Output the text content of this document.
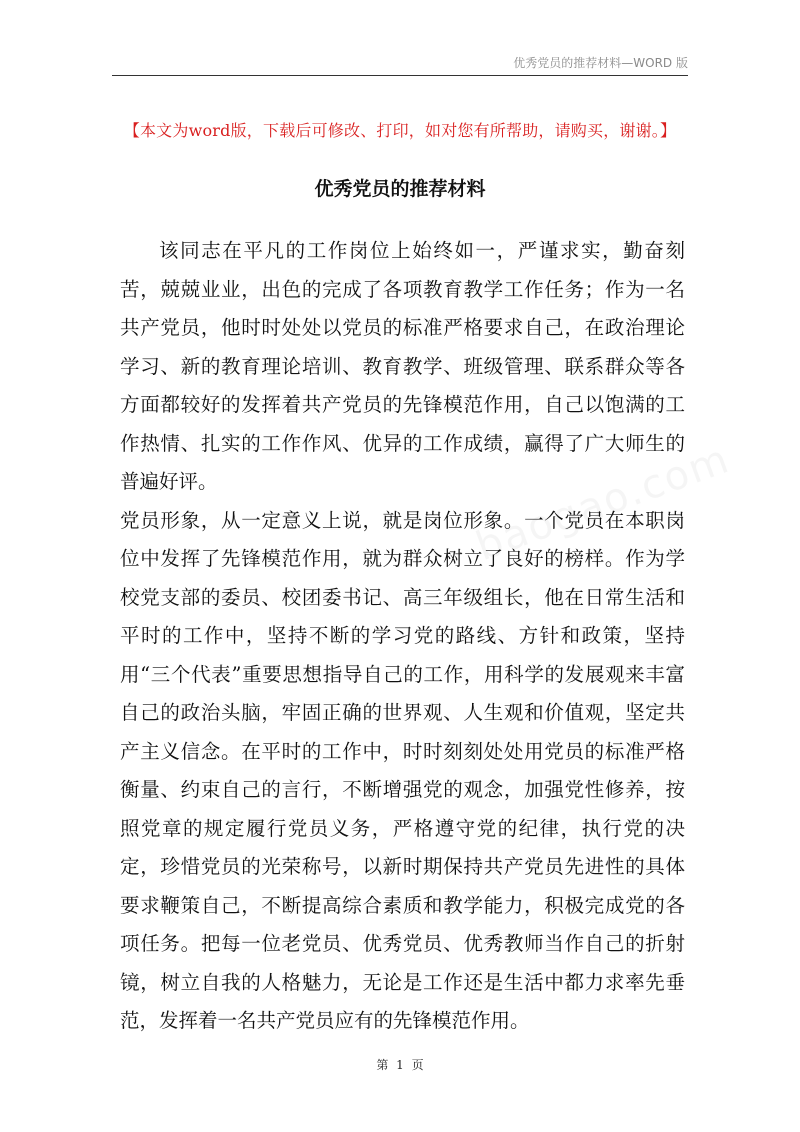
优秀党员的推荐材料—WORD 版
【本文为word版，下载后可修改、打印，如对您有所帮助，请购买，谢谢。】
优秀党员的推荐材料

该同志在平凡的工作岗位上始终如一，严谨求实，勤奋刻苦，兢兢业业，出色的完成了各项教育教学工作任务；作为一名共产党员，他时时处处以党员的标准严格要求自己，在政治理论学习、新的教育理论培训、教育教学、班级管理、联系群众等各方面都较好的发挥着共产党员的先锋模范作用，自己以饱满的工作热情、扎实的工作作风、优异的工作成绩，赢得了广大师生的普遍好评。

党员形象，从一定意义上说，就是岗位形象。一个党员在本职岗位中发挥了先锋模范作用，就为群众树立了良好的榜样。作为学校党支部的委员、校团委书记、高三年级组长，他在日常生活和平时的工作中，坚持不断的学习党的路线、方针和政策，坚持用“三个代表”重要思想指导自己的工作，用科学的发展观来丰富自己的政治头脑，牢固正确的世界观、人生观和价值观，坚定共产主义信念。在平时的工作中，时时刻刻处处用党员的标准严格衡量、约束自己的言行，不断增强党的观念，加强党性修养，按照党章的规定履行党员义务，严格遵守党的纪律，执行党的决定，珍惜党员的光荣称号，以新时期保持共产党员先进性的具体要求鞭策自己，不断提高综合素质和教学能力，积极完成党的各项任务。把每一位老党员、优秀党员、优秀教师当作自己的折射镜，树立自我的人格魅力，无论是工作还是生活中都力求率先垂范，发挥着一名共产党员应有的先锋模范作用。

第 1 页
